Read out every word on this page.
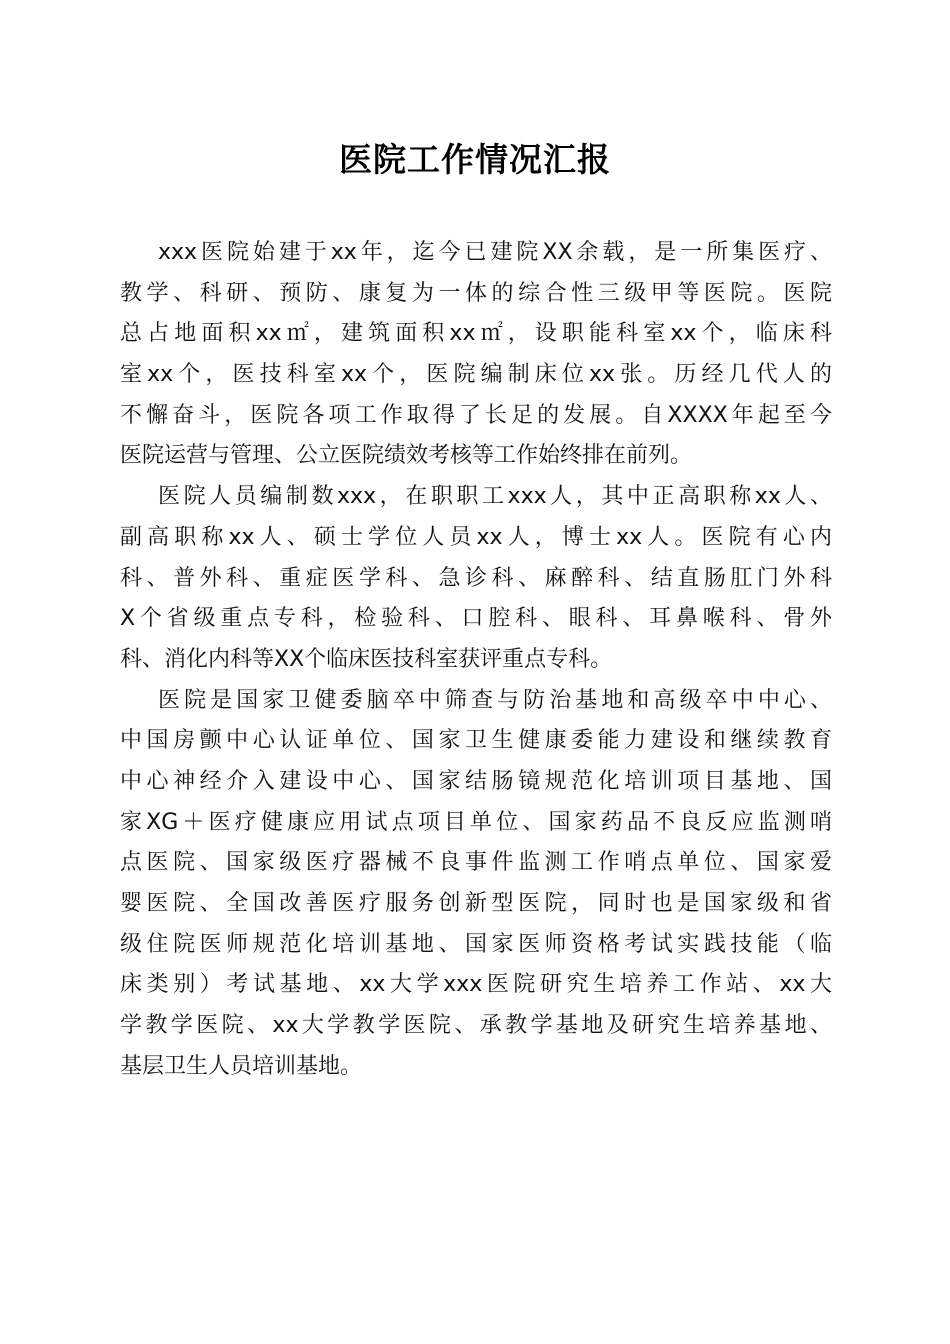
医院工作情况汇报
xxx医院始建于xx年，迄今已建院XX余载，是一所集医疗、
教学、科研、预防、康复为一体的综合性三级甲等医院。医院
总占地面积xx㎡，建筑面积xx㎡，设职能科室xx个，临床科
室xx个，医技科室xx个，医院编制床位xx张。历经几代人的
不懈奋斗，医院各项工作取得了长足的发展。自XXXX年起至今
医院运营与管理、公立医院绩效考核等工作始终排在前列。
医院人员编制数xxx，在职职工xxx人，其中正高职称xx人、
副高职称xx人、硕士学位人员xx人，博士xx人。医院有心内
科、普外科、重症医学科、急诊科、麻醉科、结直肠肛门外科
X个省级重点专科，检验科、口腔科、眼科、耳鼻喉科、骨外
科、消化内科等XX个临床医技科室获评重点专科。
医院是国家卫健委脑卒中筛查与防治基地和高级卒中中心、
中国房颤中心认证单位、国家卫生健康委能力建设和继续教育
中心神经介入建设中心、国家结肠镜规范化培训项目基地、国
家XG＋医疗健康应用试点项目单位、国家药品不良反应监测哨
点医院、国家级医疗器械不良事件监测工作哨点单位、国家爱
婴医院、全国改善医疗服务创新型医院，同时也是国家级和省
级住院医师规范化培训基地、国家医师资格考试实践技能（临
床类别）考试基地、xx大学xxx医院研究生培养工作站、xx大
学教学医院、xx大学教学医院、承教学基地及研究生培养基地、
基层卫生人员培训基地。
